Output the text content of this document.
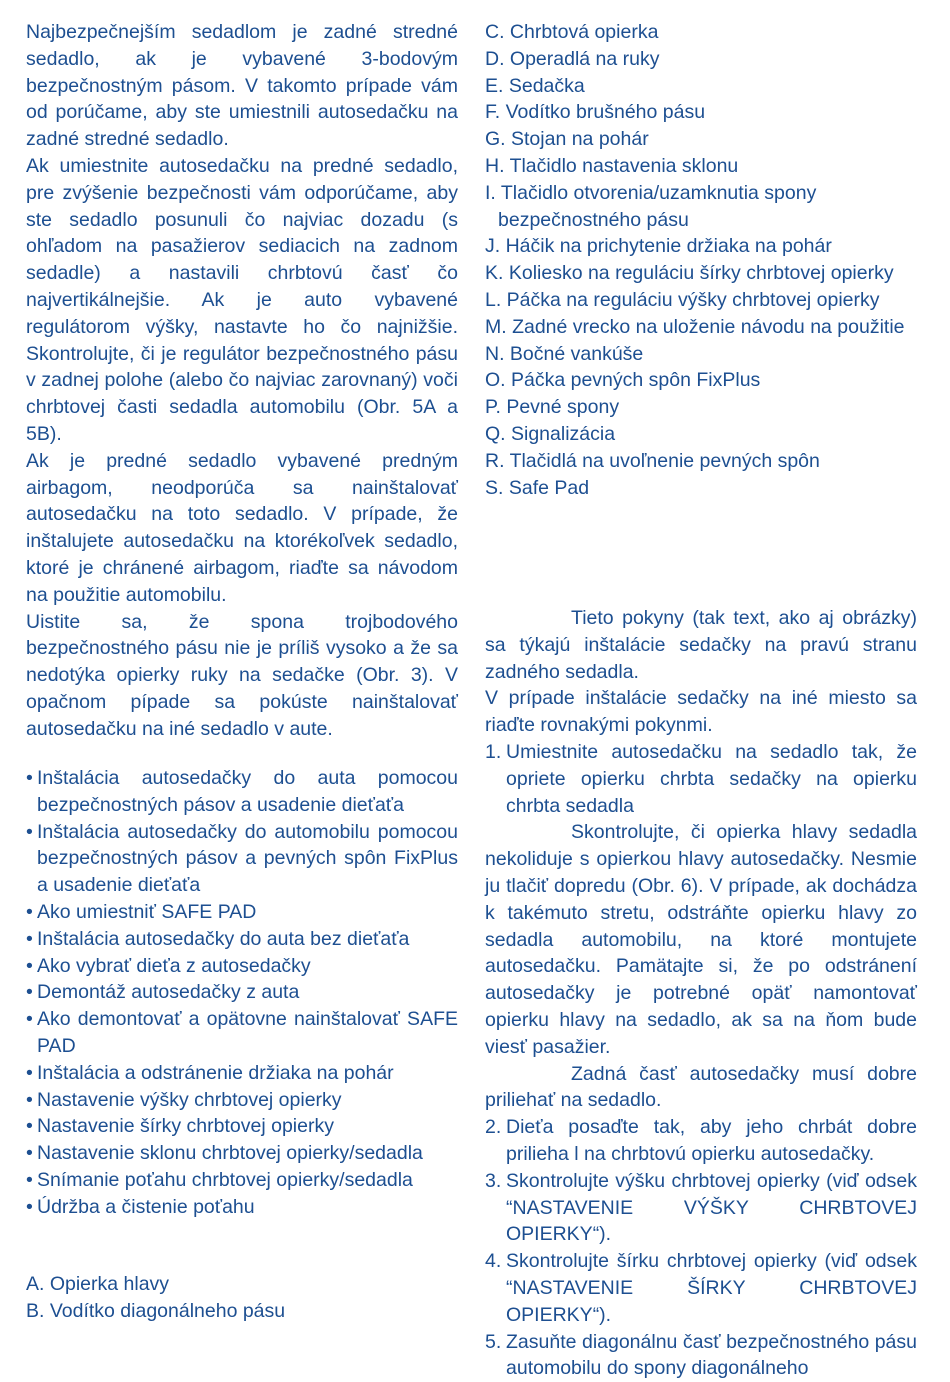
Najbezpečnejším sedadlom je zadné stredné sedadlo, ak je vybavené 3-bodovým bezpečnostným pásom. V takomto prípade vám od porúčame, aby ste umiestnili autosedačku na zadné stredné sedadlo.

Ak umiestnite autosedačku na predné sedadlo, pre zvýšenie bezpečnosti vám odporúčame, aby ste sedadlo posunuli čo najviac dozadu (s ohľadom na pasažierov sediacich na zadnom sedadle) a nastavili chrbtovú časť čo najvertikálnejšie. Ak je auto vybavené regulátorom výšky, nastavte ho čo najnižšie. Skontrolujte, či je regulátor bezpečnostného pásu v zadnej polohe (alebo čo najviac zarovnaný) voči chrbtovej časti sedadla automobilu (Obr. 5A a 5B).

Ak je predné sedadlo vybavené predným airbagom, neodporúča sa nainštalovať autosedačku na toto sedadlo. V prípade, že inštalujete autosedačku na ktorékoľvek sedadlo, ktoré je chránené airbagom, riaďte sa návodom na použitie automobilu.

Uistite sa, že spona trojbodového bezpečnostného pásu nie je príliš vysoko a že sa nedotýka opierky ruky na sedačke (Obr. 3). V opačnom pípade sa pokúste nainštalovať autosedačku na iné sedadlo v aute.

• Inštalácia autosedačky do auta pomocou bezpečnostných pásov a usadenie dieťaťa
• Inštalácia autosedačky do automobilu pomocou bezpečnostných pásov a pevných spôn FixPlus a usadenie dieťaťa
• Ako umiestniť SAFE PAD
• Inštalácia autosedačky do auta bez dieťaťa
• Ako vybrať dieťa z autosedačky
• Demontáž autosedačky z auta
• Ako demontovať a opätovne nainštalovať SAFE PAD
• Inštalácia a odstránenie držiaka na pohár
• Nastavenie výšky chrbtovej opierky
• Nastavenie šírky chrbtovej opierky
• Nastavenie sklonu chrbtovej opierky/sedadla
• Snímanie poťahu chrbtovej opierky/sedadla
• Údržba a čistenie poťahu
A. Opierka hlavy
B. Vodítko diagonálneho pásu
C. Chrbtová opierka
D. Operadlá na ruky
E. Sedačka
F. Vodítko brušného pásu
G. Stojan na pohár
H. Tlačidlo nastavenia sklonu
I. Tlačidlo otvorenia/uzamknutia spony bezpečnostného pásu
J. Háčik na prichytenie držiaka na pohár
K. Koliesko na reguláciu šírky chrbtovej opierky
L. Páčka na reguláciu výšky chrbtovej opierky
M. Zadné vrecko na uloženie návodu na použitie
N. Bočné vankúše
O. Páčka pevných spôn FixPlus
P. Pevné spony
Q. Signalizácia
R. Tlačidlá na uvoľnenie pevných spôn
S. Safe Pad

Tieto pokyny (tak text, ako aj obrázky) sa týkajú inštalácie sedačky na pravú stranu zadného sedadla.

V prípade inštalácie sedačky na iné miesto sa riaďte rovnakými pokynmi.

1. Umiestnite autosedačku na sedadlo tak, že opriete opierku chrbta sedačky na opierku chrbta sedadla

Skontrolujte, či opierka hlavy sedadla nekoliduje s opierkou hlavy autosedačky. Nesmie ju tlačiť dopredu (Obr. 6). V prípade, ak dochádza k takémuto stretu, odstráňte opierku hlavy zo sedadla automobilu, na ktoré montujete autosedačku. Pamätajte si, že po odstránení autosedačky je potrebné opäť namontovať opierku hlavy na sedadlo, ak sa na ňom bude viesť pasažier.

Zadná časť autosedačky musí dobre priliehať na sedadlo.

2. Dieťa posaďte tak, aby jeho chrbát dobre prilieha l na chrbtovú opierku autosedačky.
3. Skontrolujte výšku chrbtovej opierky (viď odsek “NASTAVENIE VÝŠKY CHRBTOVEJ OPIERKY“).
4. Skontrolujte šírku chrbtovej opierky (viď odsek “NASTAVENIE ŠÍRKY CHRBTOVEJ OPIERKY“).
5. Zasuňte diagonálnu časť bezpečnostného pásu automobilu do spony diagonálneho
